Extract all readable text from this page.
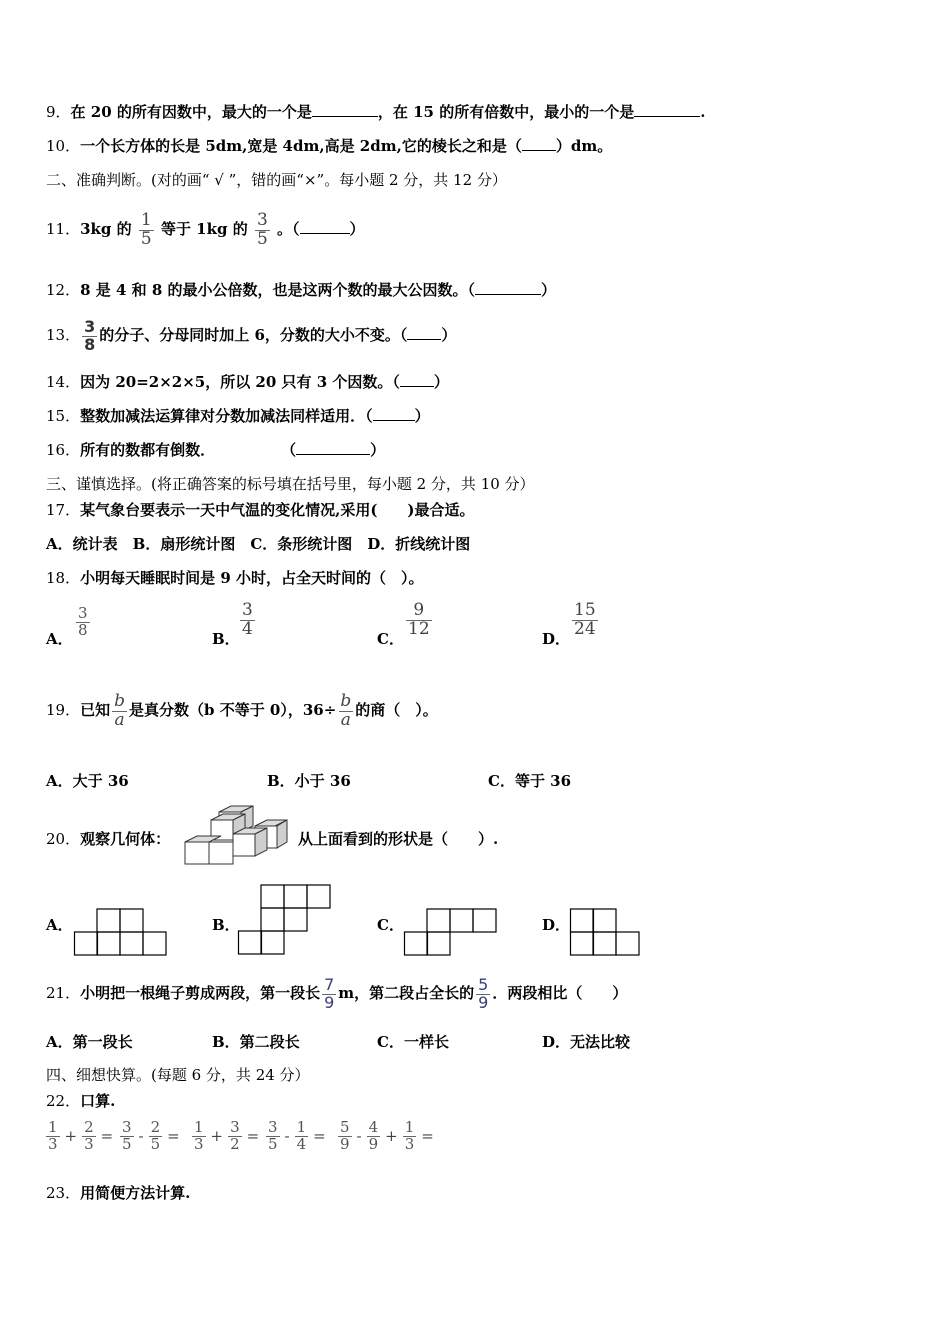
9．在 20 的所有因数中，最大的一个是	，在 15 的所有倍数中，最小的一个是	.
10．一个长方体的长是 5dm,宽是 4dm,高是 2dm,它的棱长之和是（ ）dm。
二、准确判断。(对的画“ √ ”，错的画“×”。每小题 2 分，共 12 分）
11．3kg 的 $\frac{1}{5}$ 等于 1kg 的 $\frac{3}{5}$ 。（	）
12．8 是 4 和 8 的最小公倍数，也是这两个数的最大公因数。（	）
13． $\frac{3}{8}$ 的分子、分母同时加上 6，分数的大小不变。（ ）
14．因为 20=2×2×5，所以 20 只有 3 个因数。（ ）
15．整数加减法运算律对分数加减法同样适用．（	）
16．所有的数都有倒数．	（	）
三、谨慎选择。(将正确答案的标号填在括号里，每小题 2 分，共 10 分）
17．某气象台要表示一天中气温的变化情况,采用(　　)最合适。
A．统计表　B．扇形统计图　C．条形统计图　D．折线统计图
18．小明每天睡眠时间是 9 小时，占全天时间的（　）。
A．
$\frac{3}{8}$
B．
$\frac{3}{4}$
C．
$\frac{9}{12}$
D．
$\frac{15}{24}$
19．已知 $\frac{b}{a}$ 是真分数（b 不等于 0），$36\div \frac{b}{a}$ 的商（　）。
A．大于 36	B．小于 36	C．等于 36
20．观察几何体：	从上面看到的形状是（　　）.
A．	B．	C．	D．
21．小明把一根绳子剪成两段，第一段长 $\frac{7}{9}$ m，第二段占全长的 $\frac{5}{9}$ ．两段相比（　　）
A．第一段长	B．第二段长	C．一样长	D．无法比较
四、细想快算。(每题 6 分，共 24 分）
22．口算.
$\frac{1}{3} + \frac{2}{3} = \frac{3}{5} - \frac{2}{5} = \frac{1}{3} + \frac{3}{2} = \frac{3}{5} - \frac{1}{4} = \frac{5}{9} - \frac{4}{9} + \frac{1}{3}$ =
23．用简便方法计算.
